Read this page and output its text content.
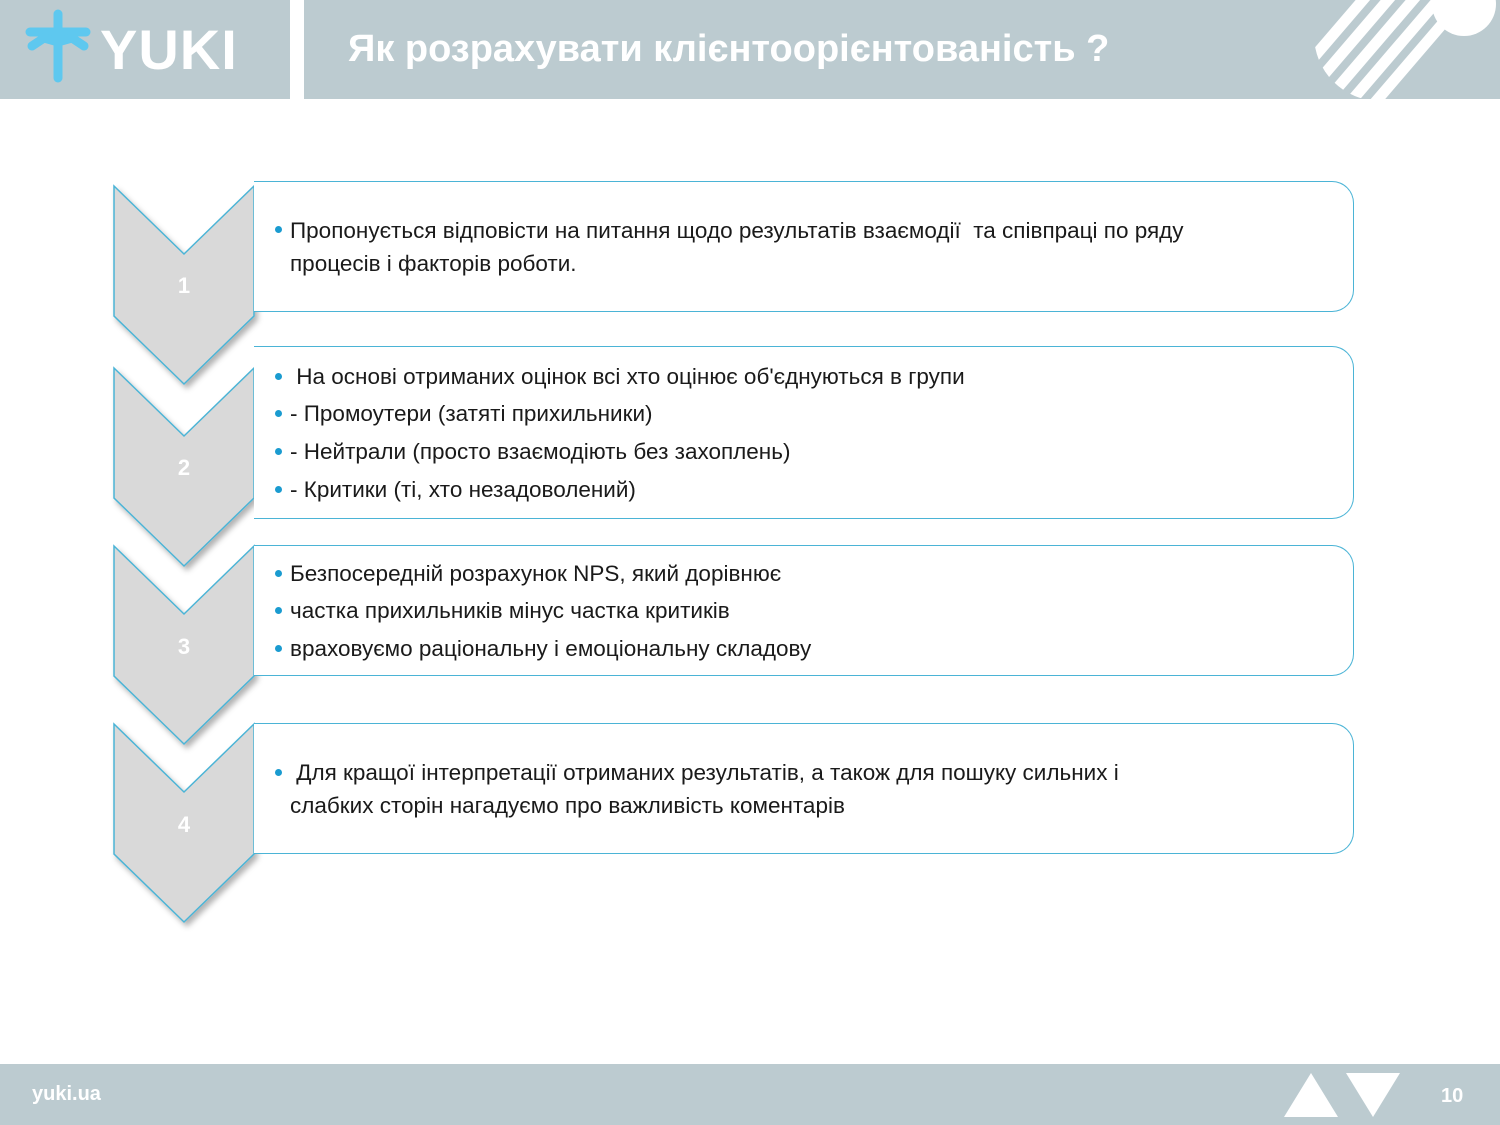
YUKI	Як розрахувати клієнтоорієнтованість ?
1
2
3
4
Пропонується відповісти на питання щодо результатів взаємодії  та співпраці по ряду
процесів і факторів роботи.
На основі отриманих оцінок всі хто оцінює об'єднуються в групи
- Промоутери (затяті прихильники)
- Нейтрали (просто взаємодіють без захоплень)
- Критики (ті, хто незадоволений)
Безпосередній розрахунок NPS, який дорівнює
частка прихильників мінус частка критиків
враховуємо раціональну і емоціональну складову
Для кращої інтерпретації отриманих результатів, а також для пошуку сильних і
слабких сторін нагадуємо про важливість коментарів
yuki.ua	10
